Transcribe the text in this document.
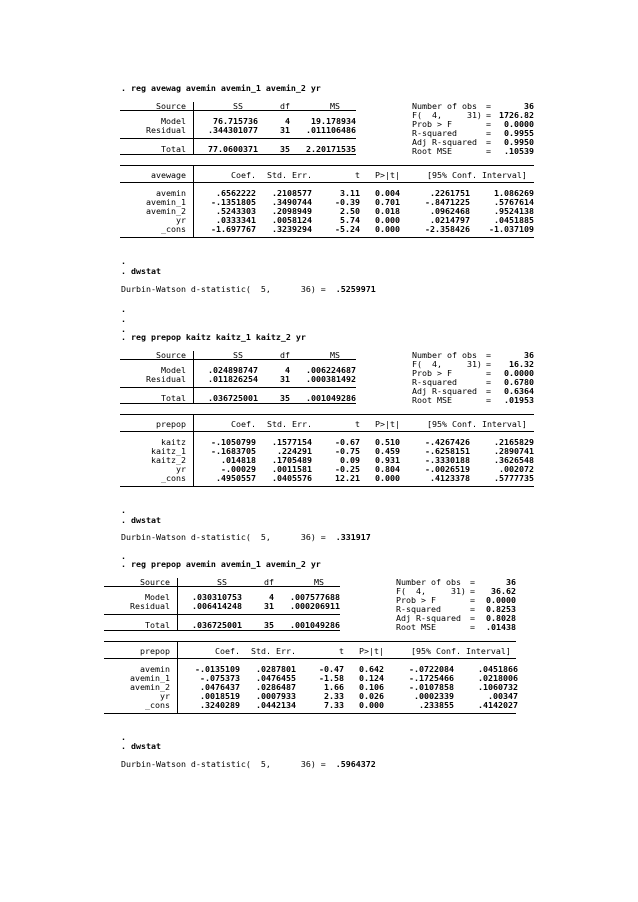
. reg avewag avemin avemin_1 avemin_2 yr
Source	SS	df	MS
Model	76.715736	4	19.178934
Residual	.344301077	31 .011106486
Total	77.0600371	35 2.20171535
Number of obs =	36
F(  4,     31) = 1726.82
Prob > F	= 0.0000
R-squared	= 0.9955
Adj R-squared = 0.9950
Root MSE	= .10539
avewage	Coef. Std. Err.	t P>|t|	[95% Conf. Interval]
avemin	.6562222 .2108577	3.11 0.004	.2261751	1.086269
avemin_1	-.1351805 .3490744	-0.39 0.701	-.8471225	.5767614
avemin_2	.5243303 .2098949	2.50 0.018	.0962468	.9524138
yr	.0333341 .0058124	5.74 0.000	.0214797	.0451885
_cons	-1.697767 .3239294	-5.24 0.000	-2.358426 -1.037109
.
. dwstat
Durbin-Watson d-statistic(  5,      36) =  .5259971
.
.
.
. reg prepop kaitz kaitz_1 kaitz_2 yr
Source	SS	df	MS
Model	.024898747	4 .006224687
Residual	.011826254	31 .000381492
Total	.036725001	35 .001049286
Number of obs =	36
F(  4,     31) = 16.32
Prob > F	= 0.0000
R-squared	= 0.6780
Adj R-squared = 0.6364
Root MSE	= .01953
prepop	Coef. Std. Err.	t P>|t|	[95% Conf. Interval]
kaitz	-.1050799 .1577154	-0.67 0.510	-.4267426	.2165829
kaitz_1	-.1683705	.224291	-0.75 0.459	-.6258151	.2890741
kaitz_2	.014818 .1705489	0.09 0.931	-.3330188	.3626548
yr	-.00029 .0011581	-0.25 0.804	-.0026519	.002072
_cons	.4950557 .0405576	12.21 0.000	.4123378	.5777735
.
. dwstat
Durbin-Watson d-statistic(  5,      36) =  .331917
.
. reg prepop avemin avemin_1 avemin_2 yr
Source	SS	df	MS
Model	.030310753	4 .007577688
Residual	.006414248	31 .000206911
Total	.036725001	35 .001049286
Number of obs =	36
F(  4,     31) = 36.62
Prob > F	= 0.0000
R-squared	= 0.8253
Adj R-squared = 0.8028
Root MSE	= .01438
prepop	Coef. Std. Err.	t P>|t|	[95% Conf. Interval]
avemin	-.0135109 .0287801	-0.47 0.642	-.0722084	.0451866
avemin_1	-.075373 .0476455	-1.58 0.124	-.1725466	.0218006
avemin_2	.0476437 .0286487	1.66 0.106	-.0107858	.1060732
yr	.0018519 .0007933	2.33 0.026	.0002339	.00347
_cons	.3240289 .0442134	7.33 0.000	.233855	.4142027
.
. dwstat
Durbin-Watson d-statistic(  5,      36) =  .5964372
